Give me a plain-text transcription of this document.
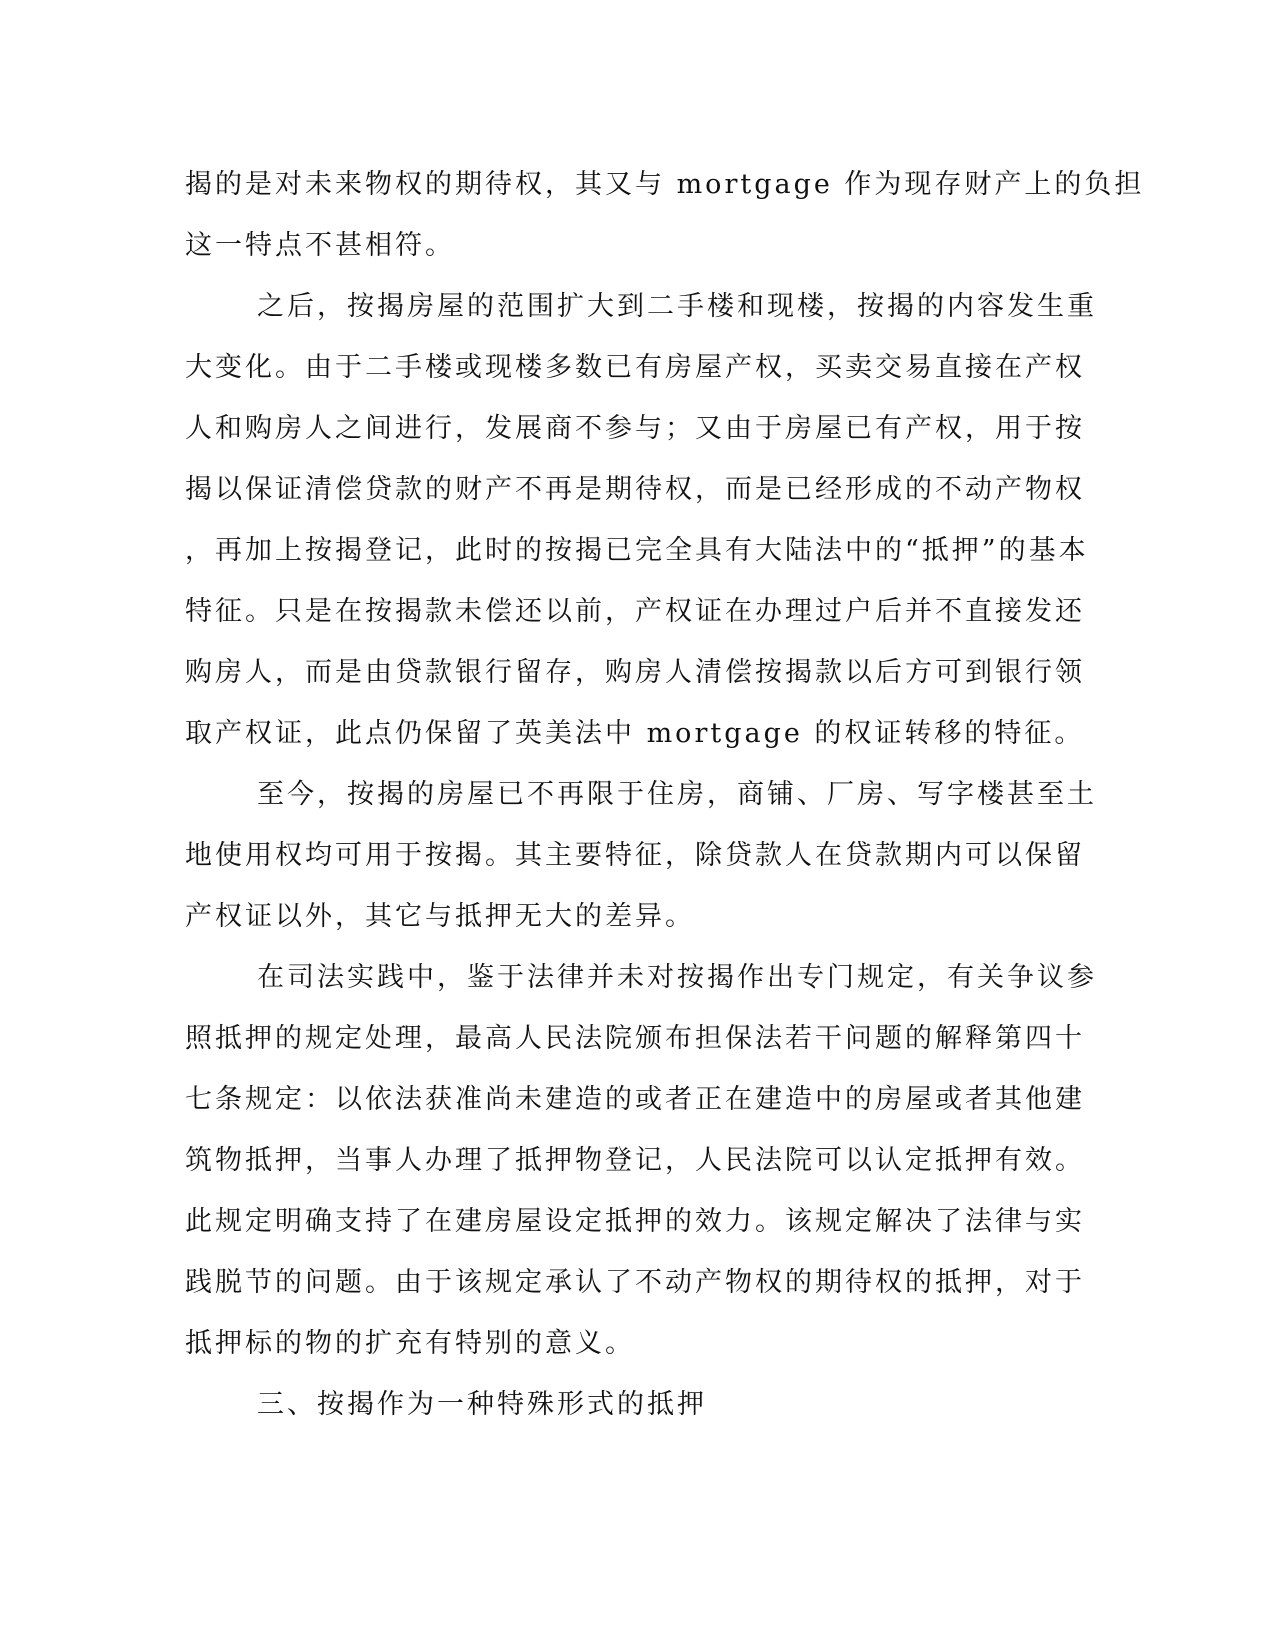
揭的是对未来物权的期待权，其又与 mortgage 作为现存财产上的负担
这一特点不甚相符。
之后，按揭房屋的范围扩大到二手楼和现楼，按揭的内容发生重
大变化。由于二手楼或现楼多数已有房屋产权，买卖交易直接在产权
人和购房人之间进行，发展商不参与；又由于房屋已有产权，用于按
揭以保证清偿贷款的财产不再是期待权，而是已经形成的不动产物权
，再加上按揭登记，此时的按揭已完全具有大陆法中的“抵押”的基本
特征。只是在按揭款未偿还以前，产权证在办理过户后并不直接发还
购房人，而是由贷款银行留存，购房人清偿按揭款以后方可到银行领
取产权证，此点仍保留了英美法中 mortgage 的权证转移的特征。
至今，按揭的房屋已不再限于住房，商铺、厂房、写字楼甚至土
地使用权均可用于按揭。其主要特征，除贷款人在贷款期内可以保留
产权证以外，其它与抵押无大的差异。
在司法实践中，鉴于法律并未对按揭作出专门规定，有关争议参
照抵押的规定处理，最高人民法院颁布担保法若干问题的解释第四十
七条规定：以依法获准尚未建造的或者正在建造中的房屋或者其他建
筑物抵押，当事人办理了抵押物登记，人民法院可以认定抵押有效。
此规定明确支持了在建房屋设定抵押的效力。该规定解决了法律与实
践脱节的问题。由于该规定承认了不动产物权的期待权的抵押，对于
抵押标的物的扩充有特别的意义。
三、按揭作为一种特殊形式的抵押
